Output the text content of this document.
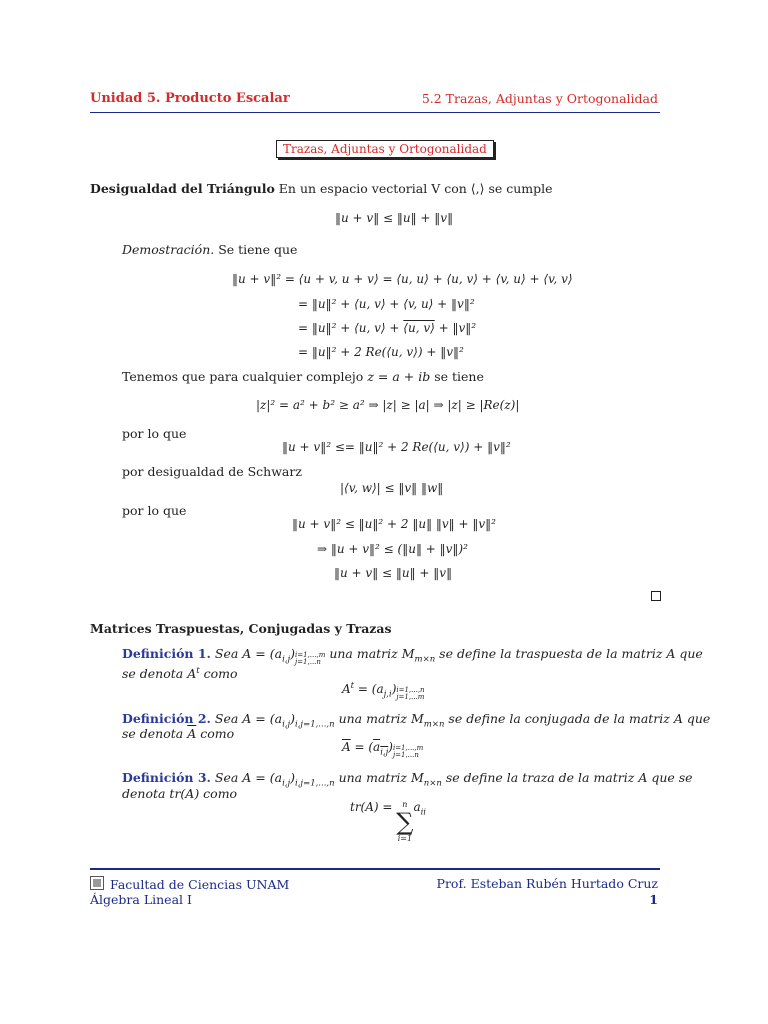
Unidad 5. Producto Escalar	5.2 Trazas, Adjuntas y Ortogonalidad
Trazas, Adjuntas y Ortogonalidad
Desigualdad del Triángulo En un espacio vectorial V con ⟨,⟩ se cumple
‖u + v‖ ≤ ‖u‖ + ‖v‖
Demostración. Se tiene que
‖u + v‖² = ⟨u + v, u + v⟩ = ⟨u, u⟩ + ⟨u, v⟩ + ⟨v, u⟩ + ⟨v, v⟩
= ‖u‖² + ⟨u, v⟩ + ⟨v, u⟩ + ‖v‖²
= ‖u‖² + ⟨u, v⟩ + ⟨u, v⟩ + ‖v‖²
= ‖u‖² + 2 Re(⟨u, v⟩) + ‖v‖²
Tenemos que para cualquier complejo z = a + ib se tiene
|z|² = a² + b² ≥ a² ⇒ |z| ≥ |a| ⇒ |z| ≥ |Re(z)|
por lo que
‖u + v‖² ≤= ‖u‖² + 2 Re(⟨u, v⟩) + ‖v‖²
por desigualdad de Schwarz
|⟨v, w⟩| ≤ ‖v‖ ‖w‖
por lo que
‖u + v‖² ≤ ‖u‖² + 2 ‖u‖ ‖v‖ + ‖v‖²
⇒ ‖u + v‖² ≤ (‖u‖ + ‖v‖)²
‖u + v‖ ≤ ‖u‖ + ‖v‖
Matrices Traspuestas, Conjugadas y Trazas
Definición 1. Sea $A = (a_{i,j})_{i=1,...,m j=1,...n}$ una matriz $M_{m\times n}$ se define la traspuesta de la matriz A que
se denota $A^t$ como
$A^t = (a_{j,i})_{i=1,...,n j=1,...m}$
Definición 2. Sea $A = (a_{i,j})_{i,j=1,...,n}$ una matriz $M_{m\times n}$ se define la conjugada de la matriz A que
se denota $\overline{A}$ como
$\overline{A} = (a_{i,j})_{i=1,...,m j=1,...n}$
Definición 3. Sea $A = (a_{i,j})_{i,j=1,...,n}$ una matriz $M_{n\times n}$ se define la traza de la matriz A que se
denota tr(A) como
tr(A) =	n
∑
i=1
$a_{ii}$
Facultad de Ciencias UNAM
Álgebra Lineal I
Prof. Esteban Rubén Hurtado Cruz
1
